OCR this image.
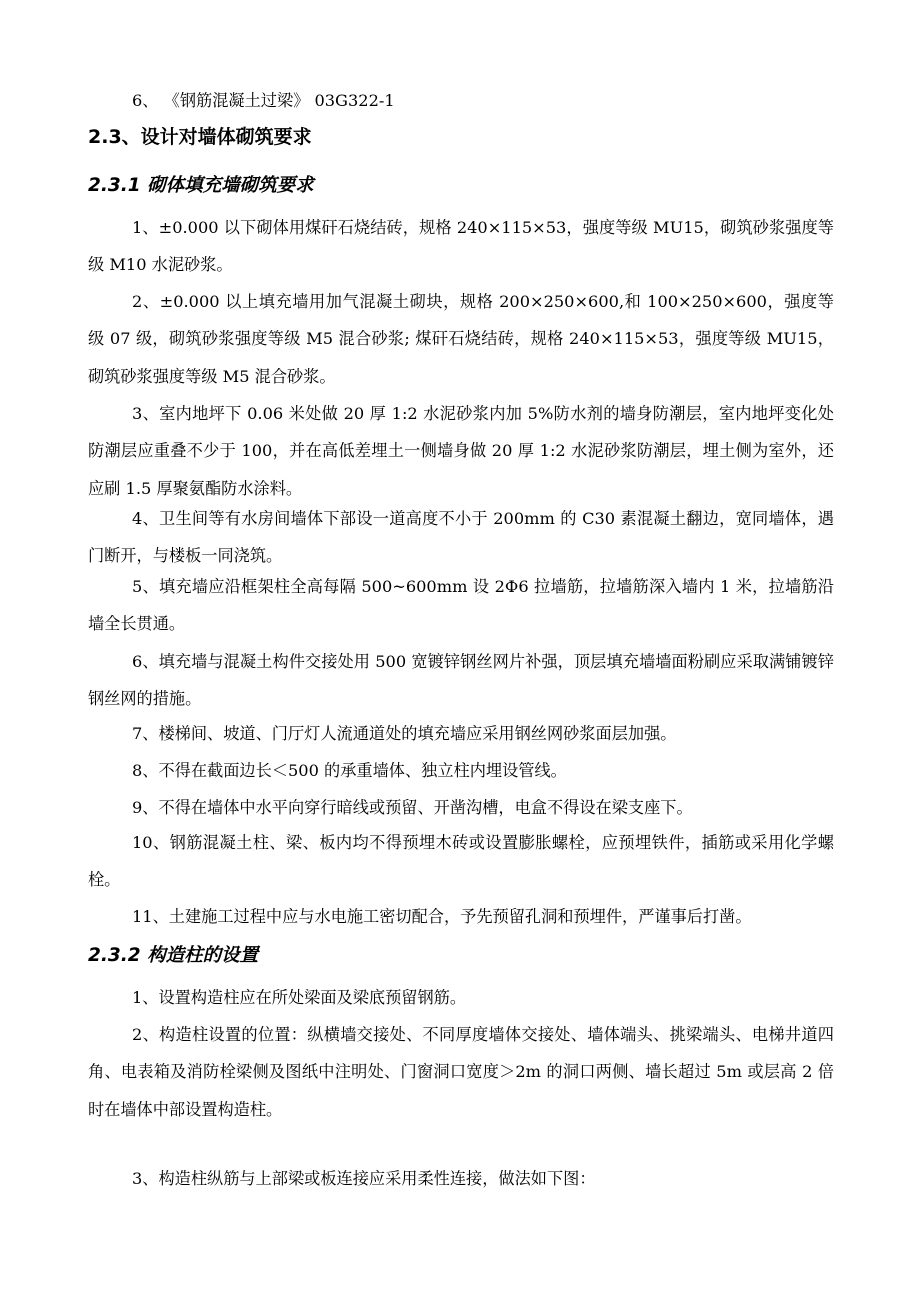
6、 《钢筋混凝土过梁》 03G322-1
2.3、设计对墙体砌筑要求
2.3.1 砌体填充墙砌筑要求

1、±0.000 以下砌体用煤矸石烧结砖，规格 240×115×53，强度等级 MU15，砌筑砂浆强度等级 M10 水泥砂浆。

2、±0.000 以上填充墙用加气混凝土砌块，规格 200×250×600,和 100×250×600，强度等级 07 级，砌筑砂浆强度等级 M5 混合砂浆; 煤矸石烧结砖，规格 240×115×53，强度等级 MU15，砌筑砂浆强度等级 M5 混合砂浆。

3、室内地坪下 0.06 米处做 20 厚 1:2 水泥砂浆内加 5%防水剂的墙身防潮层，室内地坪变化处防潮层应重叠不少于 100，并在高低差埋土一侧墙身做 20 厚 1:2 水泥砂浆防潮层，埋土侧为室外，还应刷 1.5 厚聚氨酯防水涂料。

4、卫生间等有水房间墙体下部设一道高度不小于 200mm 的 C30 素混凝土翻边，宽同墙体，遇门断开，与楼板一同浇筑。

5、填充墙应沿框架柱全高每隔 500~600mm 设 2Ф6 拉墙筋，拉墙筋深入墙内 1 米，拉墙筋沿墙全长贯通。

6、填充墙与混凝土构件交接处用 500 宽镀锌钢丝网片补强，顶层填充墙墙面粉刷应采取满铺镀锌钢丝网的措施。

7、楼梯间、坡道、门厅灯人流通道处的填充墙应采用钢丝网砂浆面层加强。

8、不得在截面边长＜500 的承重墙体、独立柱内埋设管线。

9、不得在墙体中水平向穿行暗线或预留、开凿沟槽，电盒不得设在梁支座下。

10、钢筋混凝土柱、梁、板内均不得预埋木砖或设置膨胀螺栓，应预埋铁件，插筋或采用化学螺栓。

11、土建施工过程中应与水电施工密切配合，予先预留孔洞和预埋件，严谨事后打凿。

2.3.2 构造柱的设置

1、设置构造柱应在所处梁面及梁底预留钢筋。

2、构造柱设置的位置：纵横墙交接处、不同厚度墙体交接处、墙体端头、挑梁端头、电梯井道四角、电表箱及消防栓梁侧及图纸中注明处、门窗洞口宽度＞2m 的洞口两侧、墙长超过 5m 或层高 2 倍时在墙体中部设置构造柱。

3、构造柱纵筋与上部梁或板连接应采用柔性连接，做法如下图：
